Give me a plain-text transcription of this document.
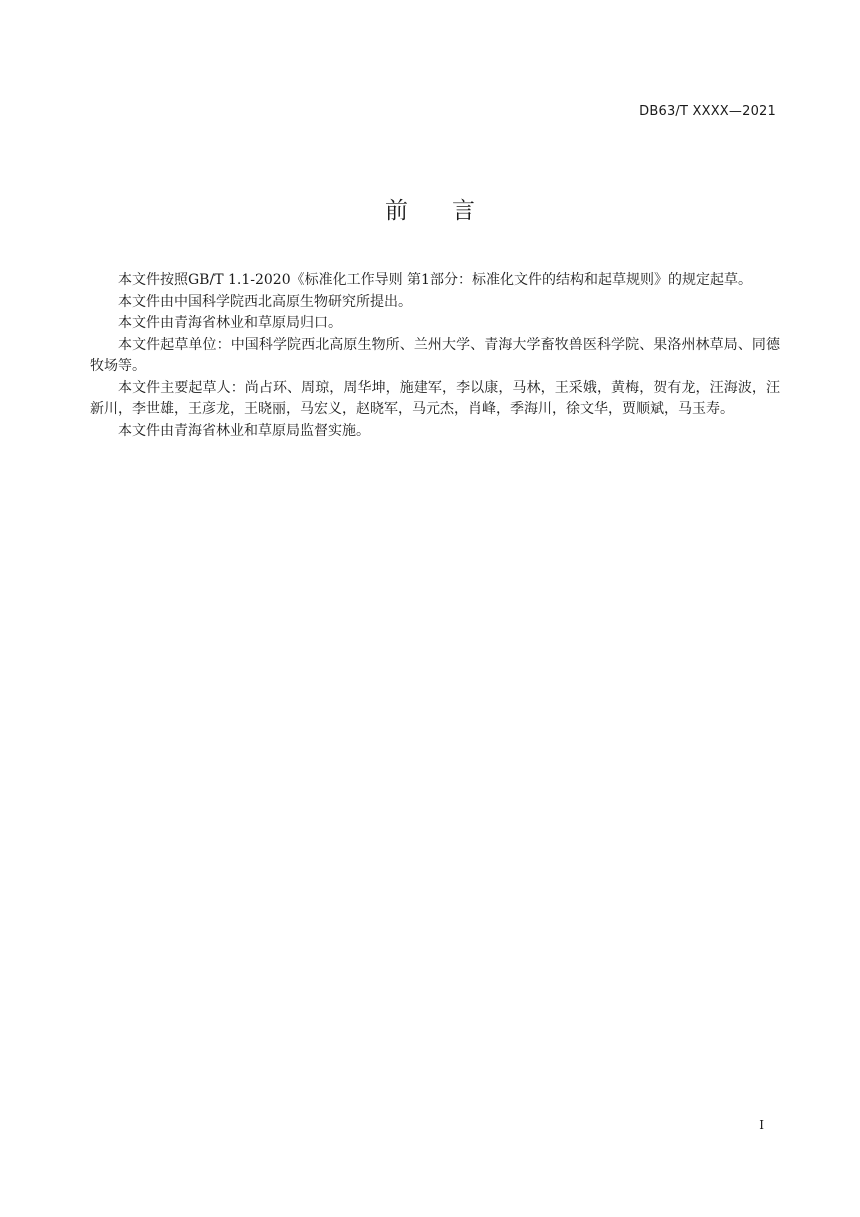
DB63/T XXXX—2021
前言

本文件按照GB/T 1.1-2020《标准化工作导则 第1部分：标准化文件的结构和起草规则》的规定起草。

本文件由中国科学院西北高原生物研究所提出。

本文件由青海省林业和草原局归口。

本文件起草单位：中国科学院西北高原生物所、兰州大学、青海大学畜牧兽医科学院、果洛州林草局、同德牧场等。

本文件主要起草人：尚占环、周琼，周华坤，施建军，李以康，马林，王采娥，黄梅，贺有龙，汪海波，汪新川，李世雄，王彦龙，王晓丽，马宏义，赵晓军，马元杰，肖峰，季海川，徐文华，贾顺斌，马玉寿。

本文件由青海省林业和草原局监督实施。

I
